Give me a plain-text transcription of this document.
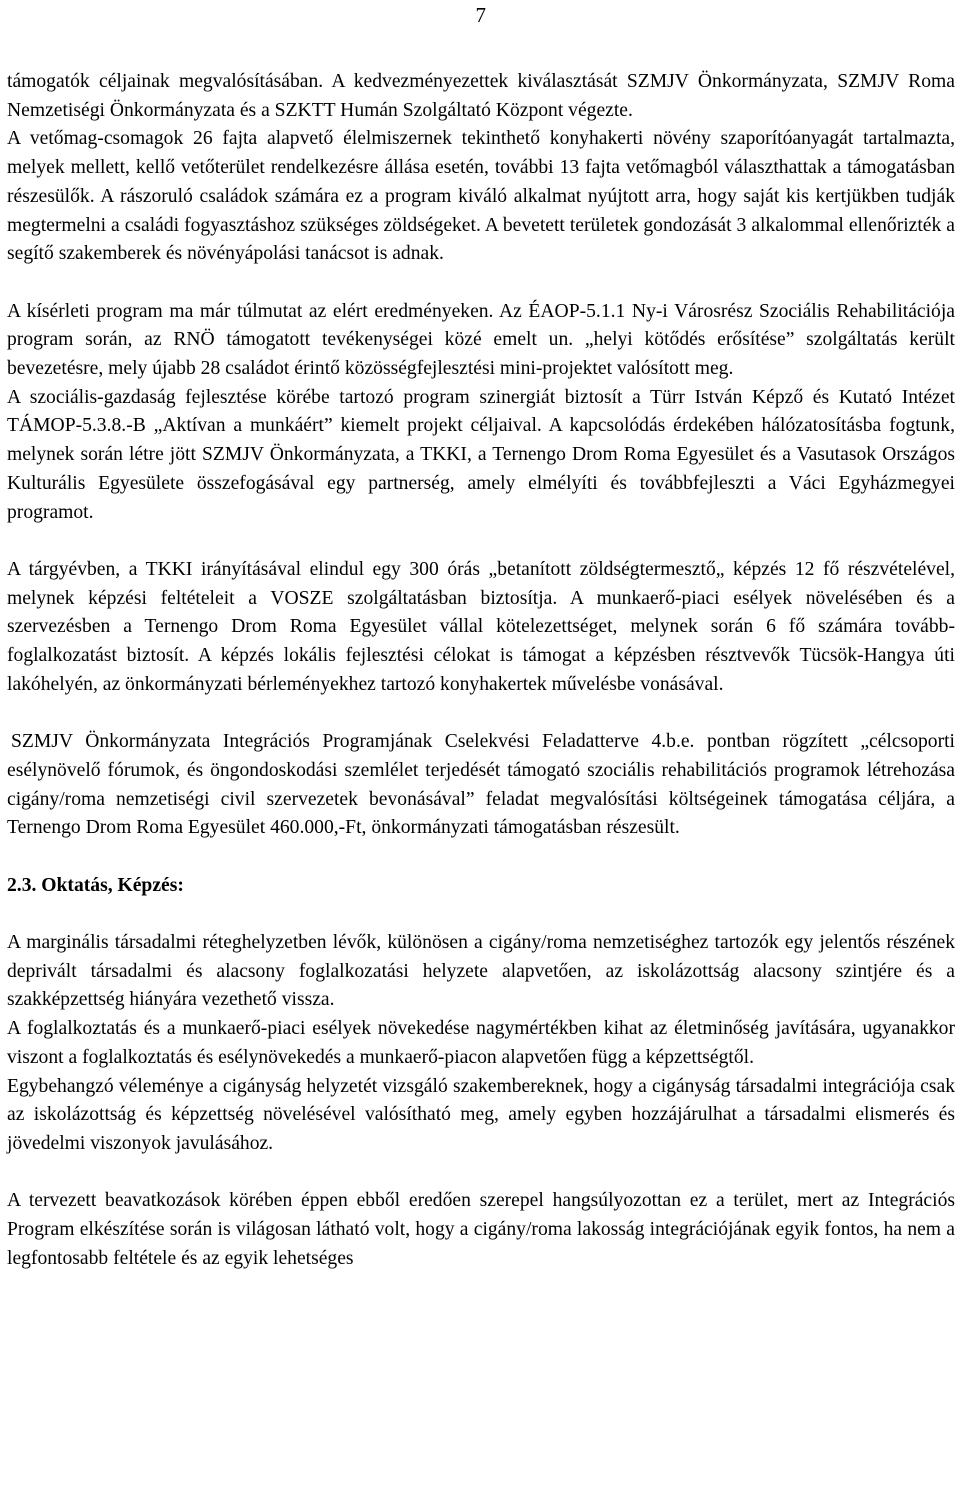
7

támogatók céljainak megvalósításában. A kedvezményezettek kiválasztását SZMJV Önkormányzata, SZMJV Roma Nemzetiségi Önkormányzata és a SZKTT Humán Szolgáltató Központ végezte.

A vetőmag-csomagok 26 fajta alapvető élelmiszernek tekinthető konyhakerti növény szaporítóanyagát tartalmazta, melyek mellett, kellő vetőterület rendelkezésre állása esetén, további 13 fajta vetőmagból választhattak a támogatásban részesülők. A rászoruló családok számára ez a program kiváló alkalmat nyújtott arra, hogy saját kis kertjükben tudják megtermelni a családi fogyasztáshoz szükséges zöldségeket. A bevetett területek gondozását 3 alkalommal ellenőrizték a segítő szakemberek és növényápolási tanácsot is adnak.

A kísérleti program ma már túlmutat az elért eredményeken. Az ÉAOP-5.1.1 Ny-i Városrész Szociális Rehabilitációja program során, az RNÖ támogatott tevékenységei közé emelt un. „helyi kötődés erősítése” szolgáltatás került bevezetésre, mely újabb 28 családot érintő közösségfejlesztési mini-projektet valósított meg.

A szociális-gazdaság fejlesztése körébe tartozó program szinergiát biztosít a Türr István Képző és Kutató Intézet TÁMOP-5.3.8.-B „Aktívan a munkáért” kiemelt projekt céljaival. A kapcsolódás érdekében hálózatosításba fogtunk, melynek során létre jött SZMJV Önkormányzata, a TKKI, a Ternengo Drom Roma Egyesület és a Vasutasok Országos Kulturális Egyesülete összefogásával egy partnerség, amely elmélyíti és továbbfejleszti a Váci Egyházmegyei programot.

A tárgyévben, a TKKI irányításával elindul egy 300 órás „betanított zöldségtermesztő„ képzés 12 fő részvételével, melynek képzési feltételeit a VOSZE szolgáltatásban biztosítja. A munkaerő-piaci esélyek növelésében és a szervezésben a Ternengo Drom Roma Egyesület vállal kötelezettséget, melynek során 6 fő számára tovább-foglalkozatást biztosít. A képzés lokális fejlesztési célokat is támogat a képzésben résztvevők Tücsök-Hangya úti lakóhelyén, az önkormányzati bérleményekhez tartozó konyhakertek művelésbe vonásával.

SZMJV Önkormányzata Integrációs Programjának Cselekvési Feladatterve 4.b.e. pontban rögzített „célcsoporti esélynövelő fórumok, és öngondoskodási szemlélet terjedését támogató szociális rehabilitációs programok létrehozása cigány/roma nemzetiségi civil szervezetek bevonásával” feladat megvalósítási költségeinek támogatása céljára, a Ternengo Drom Roma Egyesület 460.000,-Ft, önkormányzati támogatásban részesült.

2.3. Oktatás, Képzés:

A marginális társadalmi réteghelyzetben lévők, különösen a cigány/roma nemzetiséghez tartozók egy jelentős részének deprivált társadalmi és alacsony foglalkozatási helyzete alapvetően, az iskolázottság alacsony szintjére és a szakképzettség hiányára vezethető vissza.

A foglalkoztatás és a munkaerő-piaci esélyek növekedése nagymértékben kihat az életminőség javítására, ugyanakkor viszont a foglalkoztatás és esélynövekedés a munkaerő-piacon alapvetően függ a képzettségtől.

Egybehangzó véleménye a cigányság helyzetét vizsgáló szakembereknek, hogy a cigányság társadalmi integrációja csak az iskolázottság és képzettség növelésével valósítható meg, amely egyben hozzájárulhat a társadalmi elismerés és jövedelmi viszonyok javulásához.

A tervezett beavatkozások körében éppen ebből eredően szerepel hangsúlyozottan ez a terület, mert az Integrációs Program elkészítése során is világosan látható volt, hogy a cigány/roma lakosság integrációjának egyik fontos, ha nem a legfontosabb feltétele és az egyik lehetséges
